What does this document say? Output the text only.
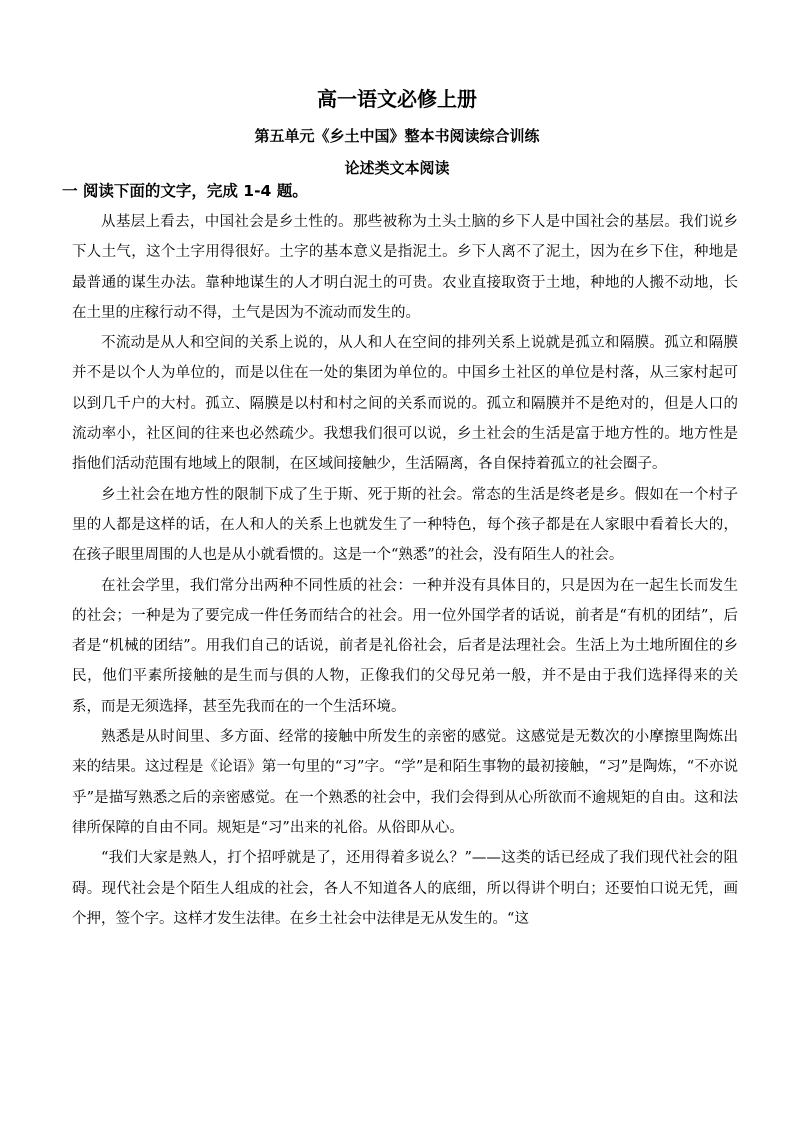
高一语文必修上册
第五单元《乡土中国》整本书阅读综合训练
论述类文本阅读
一 阅读下面的文字，完成 1-4 题。

从基层上看去，中国社会是乡土性的。那些被称为土头土脑的乡下人是中国社会的基层。我们说乡下人土气，这个土字用得很好。土字的基本意义是指泥土。乡下人离不了泥土，因为在乡下住，种地是最普通的谋生办法。靠种地谋生的人才明白泥土的可贵。农业直接取资于土地，种地的人搬不动地，长在土里的庄稼行动不得，土气是因为不流动而发生的。

不流动是从人和空间的关系上说的，从人和人在空间的排列关系上说就是孤立和隔膜。孤立和隔膜并不是以个人为单位的，而是以住在一处的集团为单位的。中国乡土社区的单位是村落，从三家村起可以到几千户的大村。孤立、隔膜是以村和村之间的关系而说的。孤立和隔膜并不是绝对的，但是人口的流动率小，社区间的往来也必然疏少。我想我们很可以说，乡土社会的生活是富于地方性的。地方性是指他们活动范围有地域上的限制，在区域间接触少，生活隔离，各自保持着孤立的社会圈子。

乡土社会在地方性的限制下成了生于斯、死于斯的社会。常态的生活是终老是乡。假如在一个村子里的人都是这样的话，在人和人的关系上也就发生了一种特色，每个孩子都是在人家眼中看着长大的，在孩子眼里周围的人也是从小就看惯的。这是一个“熟悉”的社会，没有陌生人的社会。

在社会学里，我们常分出两种不同性质的社会：一种并没有具体目的，只是因为在一起生长而发生的社会；一种是为了要完成一件任务而结合的社会。用一位外国学者的话说，前者是“有机的团结”，后者是“机械的团结”。用我们自己的话说，前者是礼俗社会，后者是法理社会。生活上为土地所囿住的乡民，他们平素所接触的是生而与俱的人物，正像我们的父母兄弟一般，并不是由于我们选择得来的关系，而是无须选择，甚至先我而在的一个生活环境。

熟悉是从时间里、多方面、经常的接触中所发生的亲密的感觉。这感觉是无数次的小摩擦里陶炼出来的结果。这过程是《论语》第一句里的“习”字。“学”是和陌生事物的最初接触，“习”是陶炼，“不亦说乎”是描写熟悉之后的亲密感觉。在一个熟悉的社会中，我们会得到从心所欲而不逾规矩的自由。这和法律所保障的自由不同。规矩是“习”出来的礼俗。从俗即从心。

“我们大家是熟人，打个招呼就是了，还用得着多说么？”——这类的话已经成了我们现代社会的阻碍。现代社会是个陌生人组成的社会，各人不知道各人的底细，所以得讲个明白；还要怕口说无凭，画个押，签个字。这样才发生法律。在乡土社会中法律是无从发生的。“这
